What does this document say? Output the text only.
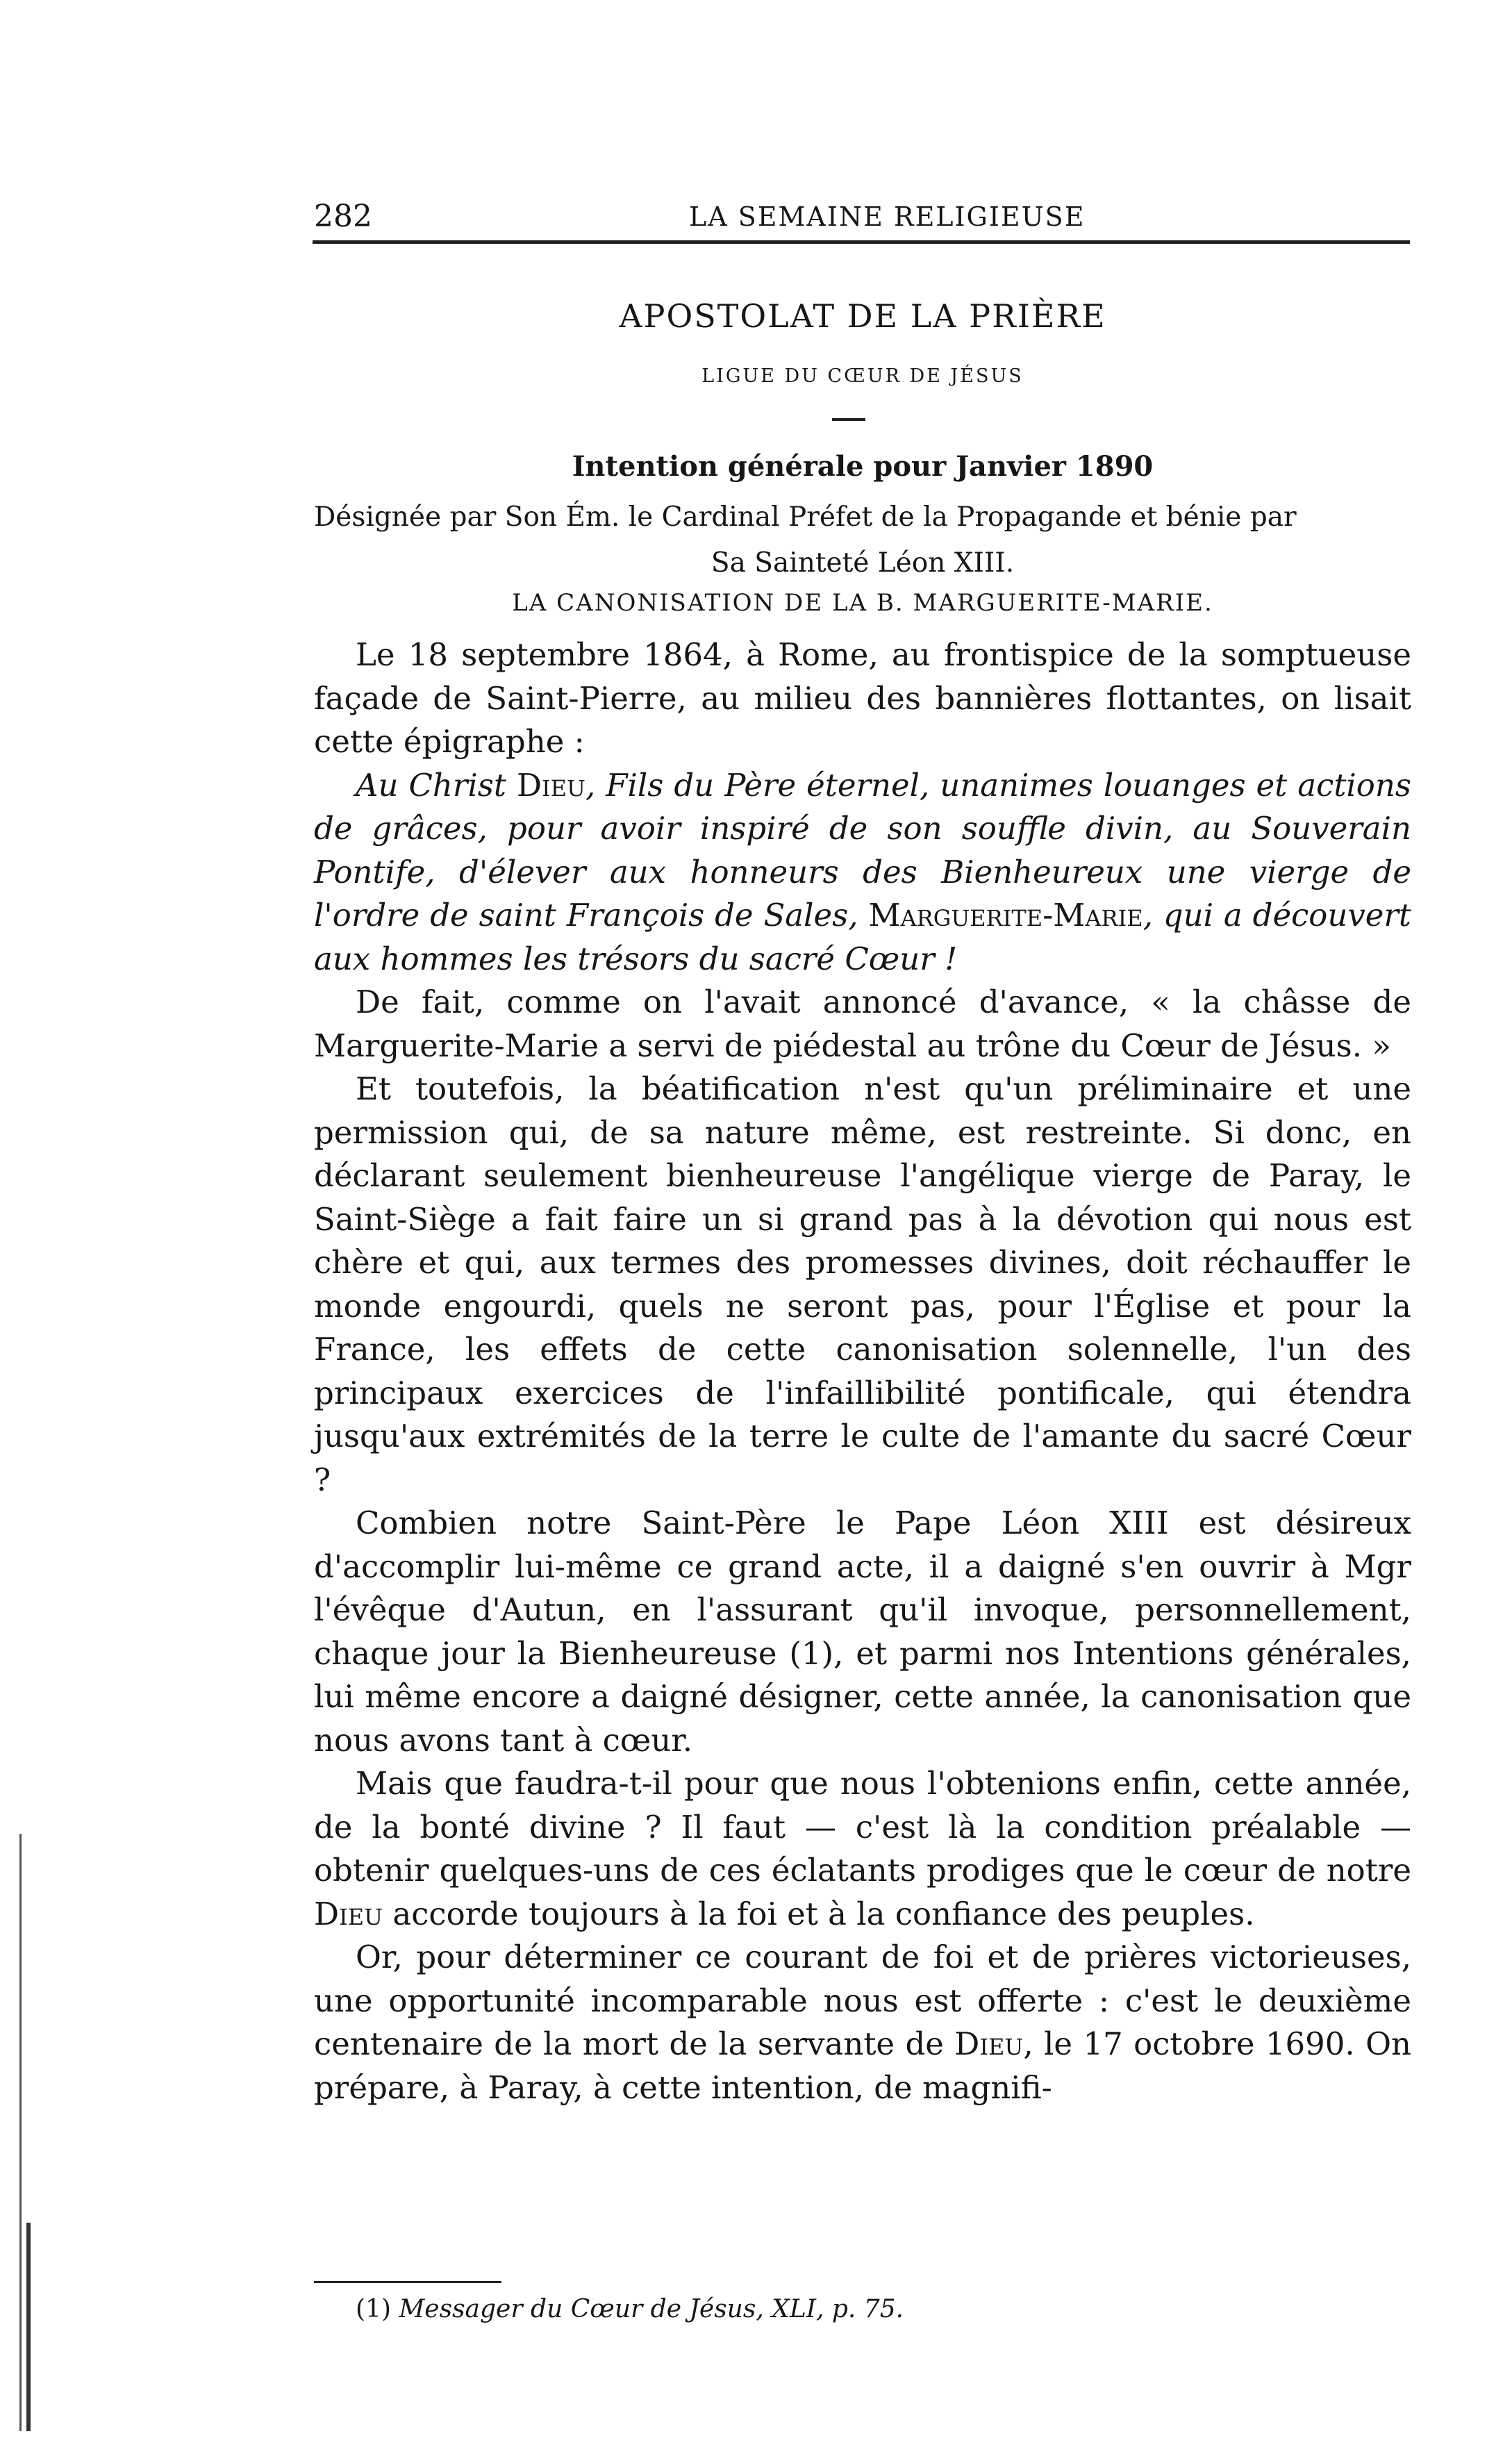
282	LA SEMAINE RELIGIEUSE
APOSTOLAT DE LA PRIÈRE
LIGUE DU CŒUR DE JÉSUS
Intention générale pour Janvier 1890
Désignée par Son Ém. le Cardinal Préfet de la Propagande et bénie par
Sa Sainteté Léon XIII.
LA CANONISATION DE LA B. MARGUERITE-MARIE.

Le 18 septembre 1864, à Rome, au frontispice de la somptueuse façade de Saint-Pierre, au milieu des bannières flottantes, on lisait cette épigraphe :

Au Christ Dieu, Fils du Père éternel, unanimes louanges et actions de grâces, pour avoir inspiré de son souffle divin, au Souverain Pontife, d'élever aux honneurs des Bienheureux une vierge de l'ordre de saint François de Sales, Marguerite-Marie, qui a découvert aux hommes les trésors du sacré Cœur !

De fait, comme on l'avait annoncé d'avance, « la châsse de Marguerite-Marie a servi de piédestal au trône du Cœur de Jésus. »

Et toutefois, la béatification n'est qu'un préliminaire et une permission qui, de sa nature même, est restreinte. Si donc, en déclarant seulement bienheureuse l'angélique vierge de Paray, le Saint-Siège a fait faire un si grand pas à la dévotion qui nous est chère et qui, aux termes des promesses divines, doit réchauffer le monde engourdi, quels ne seront pas, pour l'Église et pour la France, les effets de cette canonisation solennelle, l'un des principaux exercices de l'infaillibilité pontificale, qui étendra jusqu'aux extrémités de la terre le culte de l'amante du sacré Cœur ?

Combien notre Saint-Père le Pape Léon XIII est désireux d'accomplir lui-même ce grand acte, il a daigné s'en ouvrir à Mgr l'évêque d'Autun, en l'assurant qu'il invoque, personnellement, chaque jour la Bienheureuse (1), et parmi nos Intentions générales, lui même encore a daigné désigner, cette année, la canonisation que nous avons tant à cœur.

Mais que faudra-t-il pour que nous l'obtenions enfin, cette année, de la bonté divine ? Il faut — c'est là la condition préalable — obtenir quelques-uns de ces éclatants prodiges que le cœur de notre Dieu accorde toujours à la foi et à la confiance des peuples.

Or, pour déterminer ce courant de foi et de prières victorieuses, une opportunité incomparable nous est offerte : c'est le deuxième centenaire de la mort de la servante de Dieu, le 17 octobre 1690. On prépare, à Paray, à cette intention, de magnifi-

(1) Messager du Cœur de Jésus, XLI, p. 75.
